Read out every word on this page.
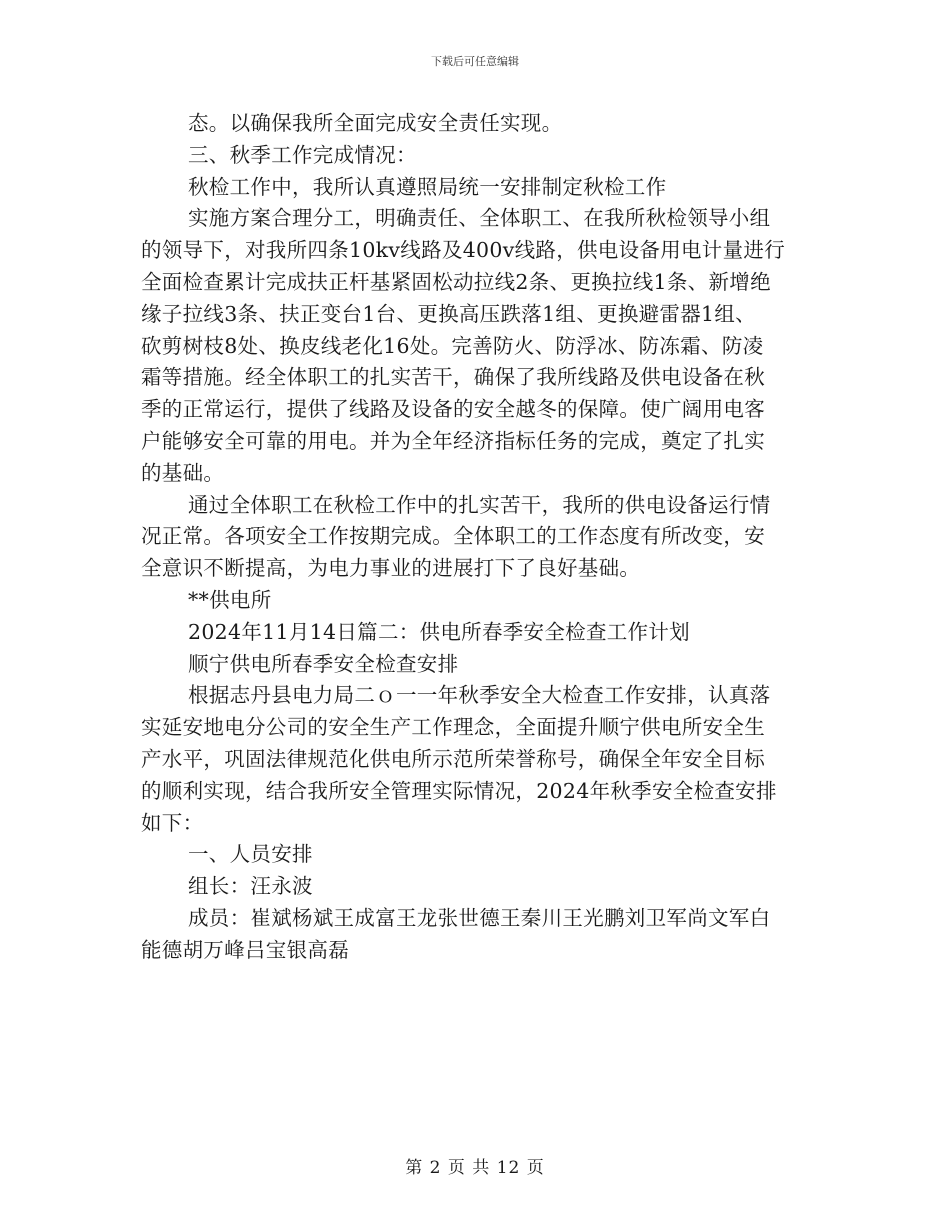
下载后可任意编辑
态。以确保我所全面完成安全责任实现。
三、秋季工作完成情况：
秋检工作中，我所认真遵照局统一安排制定秋检工作
实施方案合理分工，明确责任、全体职工、在我所秋检领导小组
的领导下，对我所四条10kv线路及400v线路，供电设备用电计量进行
全面检查累计完成扶正杆基紧固松动拉线2条、更换拉线1条、新增绝
缘子拉线3条、扶正变台1台、更换高压跌落1组、更换避雷器1组、
砍剪树枝8处、换皮线老化16处。完善防火、防浮冰、防冻霜、防凌
霜等措施。经全体职工的扎实苦干，确保了我所线路及供电设备在秋
季的正常运行，提供了线路及设备的安全越冬的保障。使广阔用电客
户能够安全可靠的用电。并为全年经济指标任务的完成，奠定了扎实
的基础。
通过全体职工在秋检工作中的扎实苦干，我所的供电设备运行情
况正常。各项安全工作按期完成。全体职工的工作态度有所改变，安
全意识不断提高，为电力事业的进展打下了良好基础。
**供电所
2024年11月14日篇二：供电所春季安全检查工作计划
顺宁供电所春季安全检查安排
根据志丹县电力局二ｏ一一年秋季安全大检查工作安排，认真落
实延安地电分公司的安全生产工作理念，全面提升顺宁供电所安全生
产水平，巩固法律规范化供电所示范所荣誉称号，确保全年安全目标
的顺利实现，结合我所安全管理实际情况，2024年秋季安全检查安排
如下：
一、人员安排
组长：汪永波
成员：崔斌杨斌王成富王龙张世德王秦川王光鹏刘卫军尚文军白
能德胡万峰吕宝银高磊
第 2 页 共 12 页
